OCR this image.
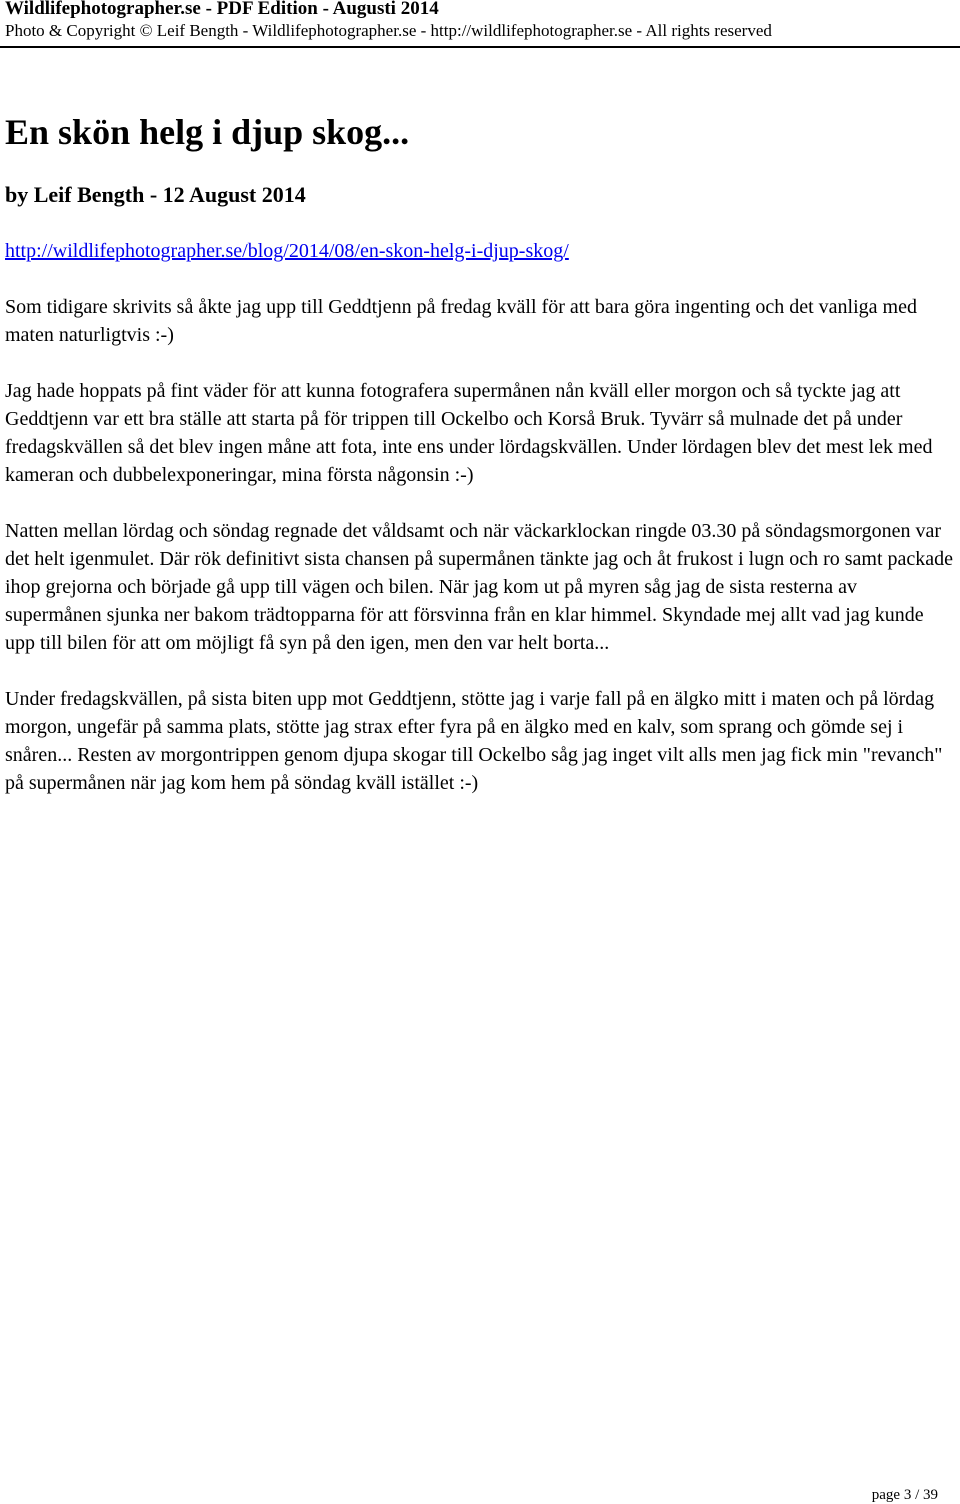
Wildlifephotographer.se - PDF Edition - Augusti 2014

Photo & Copyright © Leif Bength - Wildlifephotographer.se - http://wildlifephotographer.se - All rights reserved

En skön helg i djup skog...

by Leif Bength - 12 August 2014

http://wildlifephotographer.se/blog/2014/08/en-skon-helg-i-djup-skog/

Som tidigare skrivits så åkte jag upp till Geddtjenn på fredag kväll för att bara göra ingenting och det vanliga med maten naturligtvis :-)

Jag hade hoppats på fint väder för att kunna fotografera supermånen nån kväll eller morgon och så tyckte jag att Geddtjenn var ett bra ställe att starta på för trippen till Ockelbo och Korså Bruk. Tyvärr så mulnade det på under fredagskvällen så det blev ingen måne att fota, inte ens under lördagskvällen. Under lördagen blev det mest lek med kameran och dubbelexponeringar, mina första någonsin :-)

Natten mellan lördag och söndag regnade det våldsamt och när väckarklockan ringde 03.30 på söndagsmorgonen var det helt igenmulet. Där rök definitivt sista chansen på supermånen tänkte jag och åt frukost i lugn och ro samt packade ihop grejorna och började gå upp till vägen och bilen. När jag kom ut på myren såg jag de sista resterna av supermånen sjunka ner bakom trädtopparna för att försvinna från en klar himmel. Skyndade mej allt vad jag kunde upp till bilen för att om möjligt få syn på den igen, men den var helt borta...

Under fredagskvällen, på sista biten upp mot Geddtjenn, stötte jag i varje fall på en älgko mitt i maten och på lördag morgon, ungefär på samma plats, stötte jag strax efter fyra på en älgko med en kalv, som sprang och gömde sej i snåren... Resten av morgontrippen genom djupa skogar till Ockelbo såg jag inget vilt alls men jag fick min "revanch" på supermånen när jag kom hem på söndag kväll istället :-)

page 3 / 39
